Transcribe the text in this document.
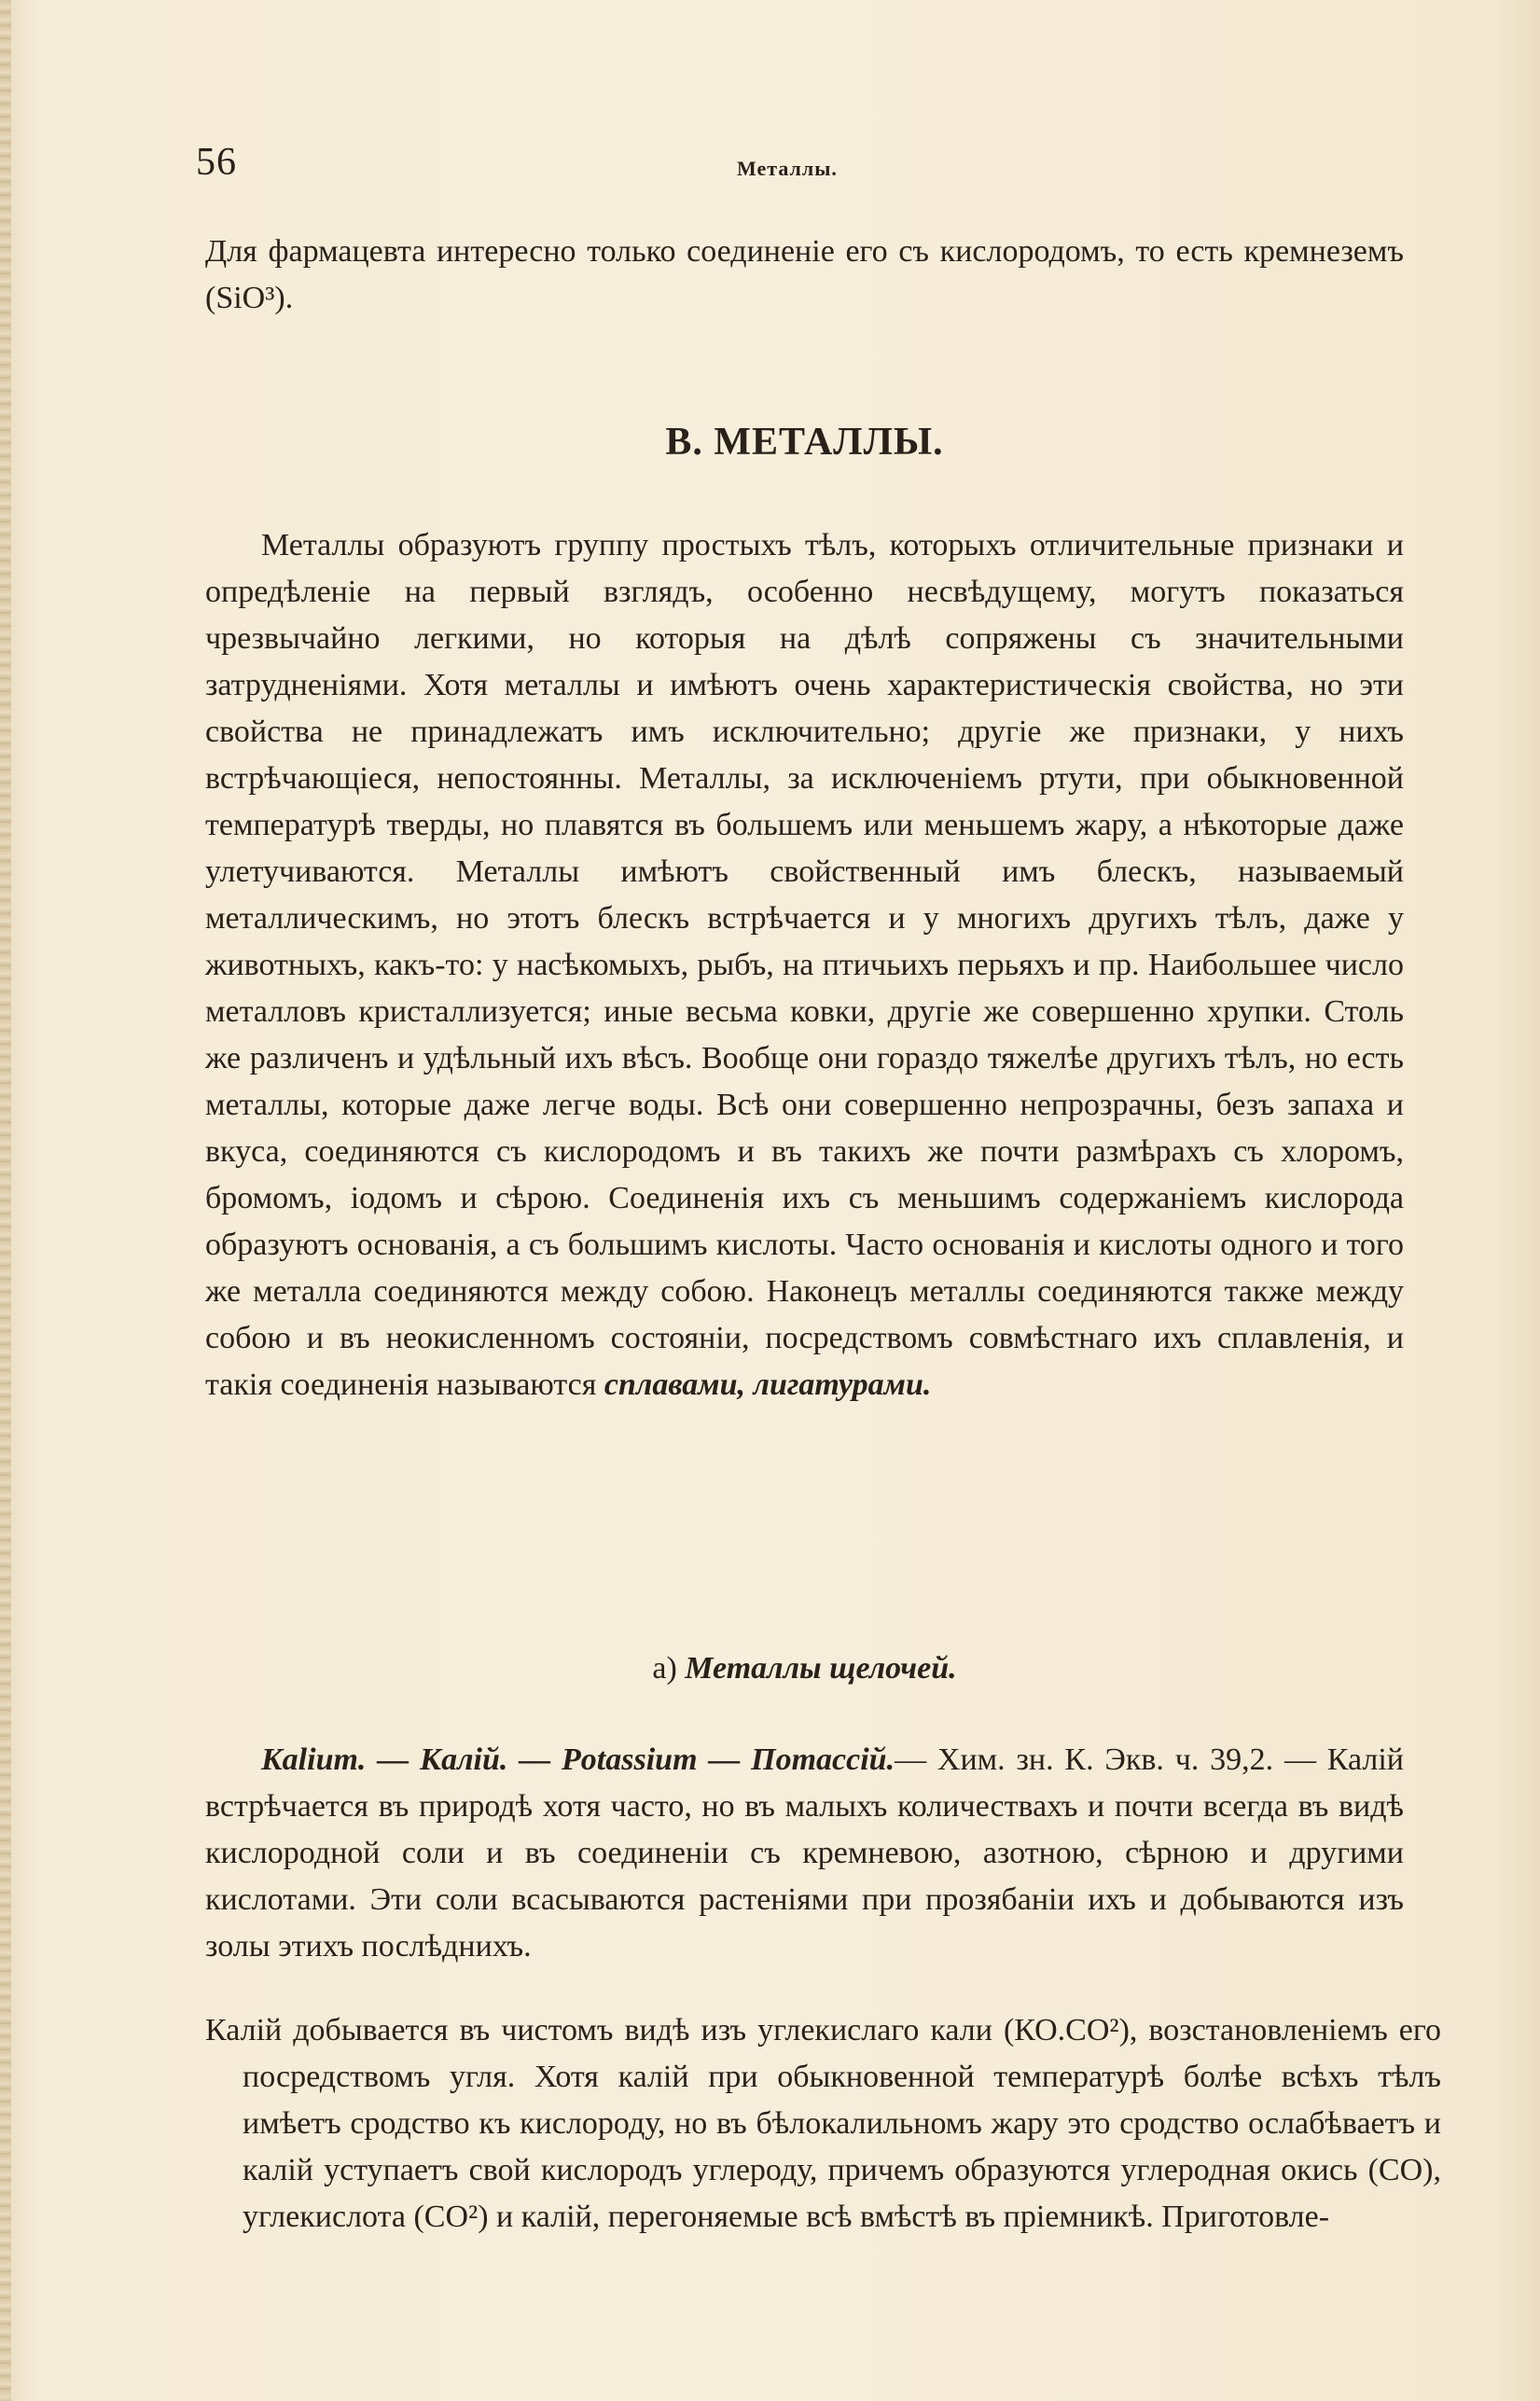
56	Металлы.

Для фармацевта интересно только соединеніе его съ кислородомъ, то есть кремнеземъ (SiO³).

В. МЕТАЛЛЫ.

Металлы образуютъ группу простыхъ тѣлъ, которыхъ отличительные признаки и опредѣленіе на первый взглядъ, особенно несвѣдущему, могутъ показаться чрезвычайно легкими, но которыя на дѣлѣ сопряжены съ значительными затрудненіями. Хотя металлы и имѣютъ очень характеристическія свойства, но эти свойства не принадлежатъ имъ исключительно; другіе же признаки, у нихъ встрѣчающіеся, непостоянны. Металлы, за исключеніемъ ртути, при обыкновенной температурѣ тверды, но плавятся въ большемъ или меньшемъ жару, а нѣкоторые даже улетучиваются. Металлы имѣютъ свойственный имъ блескъ, называемый металлическимъ, но этотъ блескъ встрѣчается и у многихъ другихъ тѣлъ, даже у животныхъ, какъ-то: у насѣкомыхъ, рыбъ, на птичьихъ перьяхъ и пр. Наибольшее число металловъ кристаллизуется; иные весьма ковки, другіе же совершенно хрупки. Столь же различенъ и удѣльный ихъ вѣсъ. Вообще они гораздо тяжелѣе другихъ тѣлъ, но есть металлы, которые даже легче воды. Всѣ они совершенно непрозрачны, безъ запаха и вкуса, соединяются съ кислородомъ и въ такихъ же почти размѣрахъ съ хлоромъ, бромомъ, іодомъ и сѣрою. Соединенія ихъ съ меньшимъ содержаніемъ кислорода образуютъ основанія, а съ большимъ кислоты. Часто основанія и кислоты одного и того же металла соединяются между собою. Наконецъ металлы соединяются также между собою и въ неокисленномъ состояніи, посредствомъ совмѣстнаго ихъ сплавленія, и такія соединенія называются сплавами, лигатурами.

а) Металлы щелочей.

Kalium. — Калій. — Potassium — Потассій.— Хим. зн. К. Экв. ч. 39,2. — Калій встрѣчается въ природѣ хотя часто, но въ малыхъ количествахъ и почти всегда въ видѣ кислородной соли и въ соединеніи съ кремневою, азотною, сѣрною и другими кислотами. Эти соли всасываются растеніями при прозябаніи ихъ и добываются изъ золы этихъ послѣднихъ.

Калій добывается въ чистомъ видѣ изъ углекислаго кали (КО.СО²), возстановленіемъ его посредствомъ угля. Хотя калій при обыкновенной температурѣ болѣе всѣхъ тѣлъ имѣетъ сродство къ кислороду, но въ бѣлокалильномъ жару это сродство ослабѣваетъ и калій уступаетъ свой кислородъ углероду, причемъ образуются углеродная окись (СО), углекислота (СО²) и калій, перегоняемые всѣ вмѣстѣ въ пріемникѣ. Приготовле-
